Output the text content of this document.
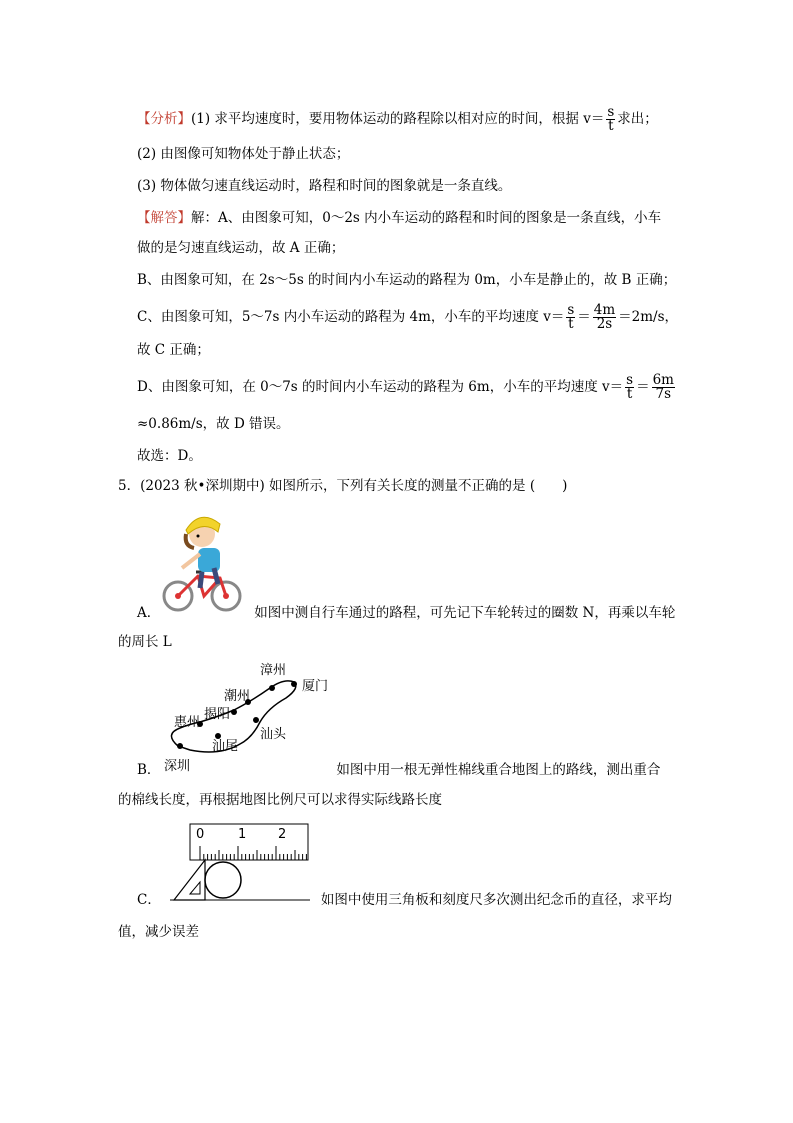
【分析】(1) 求平均速度时，要用物体运动的路程除以相对应的时间，根据 $v= \frac{s}{t}$ 求出；
(2) 由图像可知物体处于静止状态；
(3) 物体做匀速直线运动时，路程和时间的图象就是一条直线。
【解答】解：A、由图象可知，0～2s 内小车运动的路程和时间的图象是一条直线，小车
做的是匀速直线运动，故 A 正确；
B、由图象可知，在 2s～5s 的时间内小车运动的路程为 0m，小车是静止的，故 B 正确；
C、由图象可知，5～7s 内小车运动的路程为 4m，小车的平均速度 $v= \frac{s}{t} = \frac{4m}{2s} =2m/s$，
故 C 正确；
D、由图象可知，在 0～7s 的时间内小车运动的路程为 6m，小车的平均速度 $v= \frac{s}{t} = \frac{6m}{7s}$
≈0.86m/s，故 D 错误。
故选：D。
5．(2023 秋•深圳期中) 如图所示，下列有关长度的测量不正确的是 (　　)
A．	如图中测自行车通过的路程，可先记下车轮转过的圈数 N，再乘以车轮
的周长 L
漳州
厦门
潮州
揭阳
惠州
汕尾
汕头
深圳
B．	如图中用一根无弹性棉线重合地图上的路线，测出重合
的棉线长度，再根据地图比例尺可以求得实际线路长度
0	1 2
C．	如图中使用三角板和刻度尺多次测出纪念币的直径，求平均
值，减少误差
